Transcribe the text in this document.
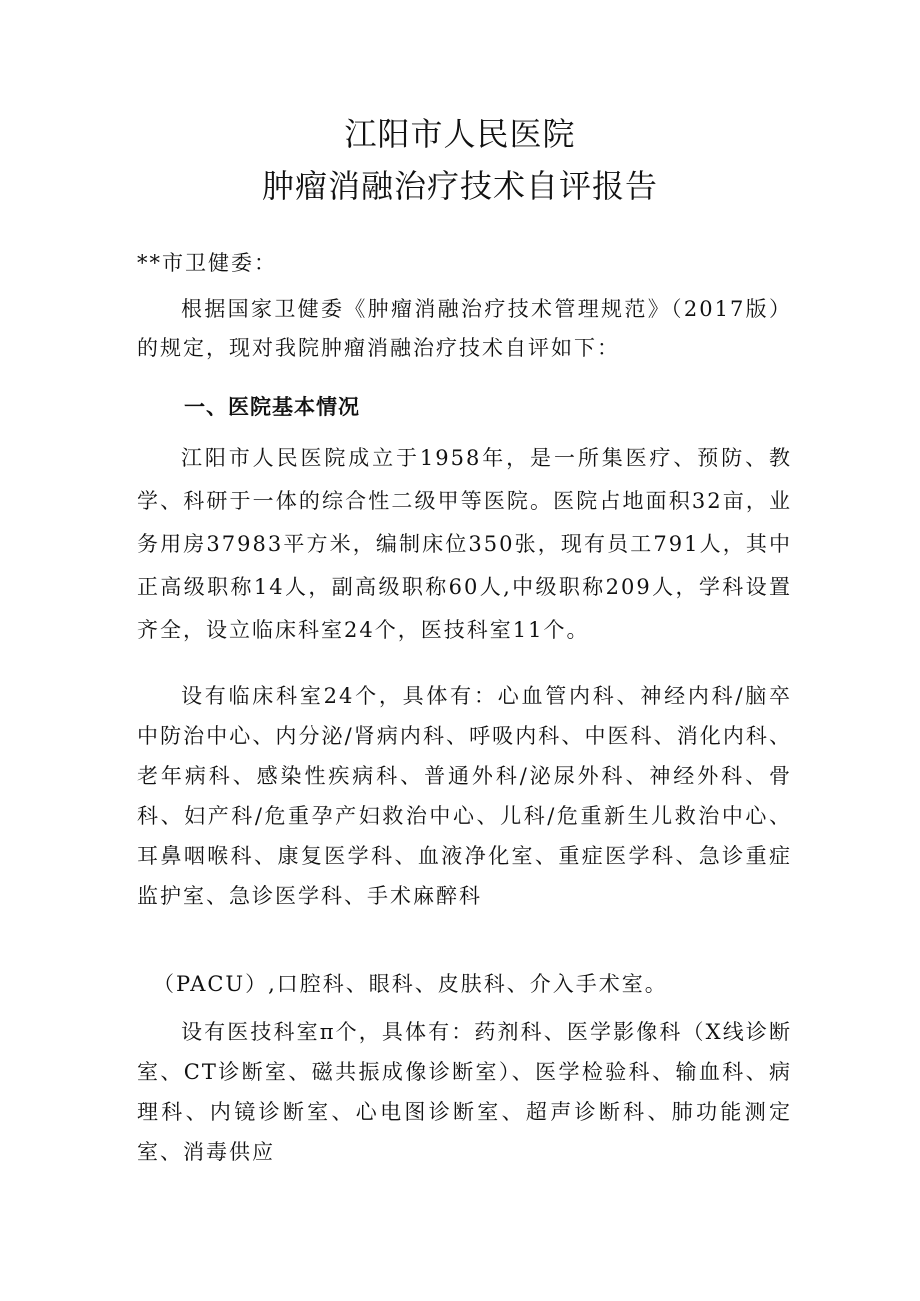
江阳市人民医院

肿瘤消融治疗技术自评报告

**市卫健委：

根据国家卫健委《肿瘤消融治疗技术管理规范》（2017版）的规定，现对我院肿瘤消融治疗技术自评如下：

一、医院基本情况

江阳市人民医院成立于1958年，是一所集医疗、预防、教学、科研于一体的综合性二级甲等医院。医院占地面积32亩，业务用房37983平方米，编制床位350张，现有员工791人，其中正高级职称14人，副高级职称60人,中级职称209人，学科设置齐全，设立临床科室24个，医技科室11个。

设有临床科室24个，具体有：心血管内科、神经内科/脑卒中防治中心、内分泌/肾病内科、呼吸内科、中医科、消化内科、老年病科、感染性疾病科、普通外科/泌尿外科、神经外科、骨科、妇产科/危重孕产妇救治中心、儿科/危重新生儿救治中心、耳鼻咽喉科、康复医学科、血液净化室、重症医学科、急诊重症监护室、急诊医学科、手术麻醉科

（PACU）,口腔科、眼科、皮肤科、介入手术室。

设有医技科室π个，具体有：药剂科、医学影像科（X线诊断室、CT诊断室、磁共振成像诊断室）、医学检验科、输血科、病理科、内镜诊断室、心电图诊断室、超声诊断科、肺功能测定室、消毒供应
